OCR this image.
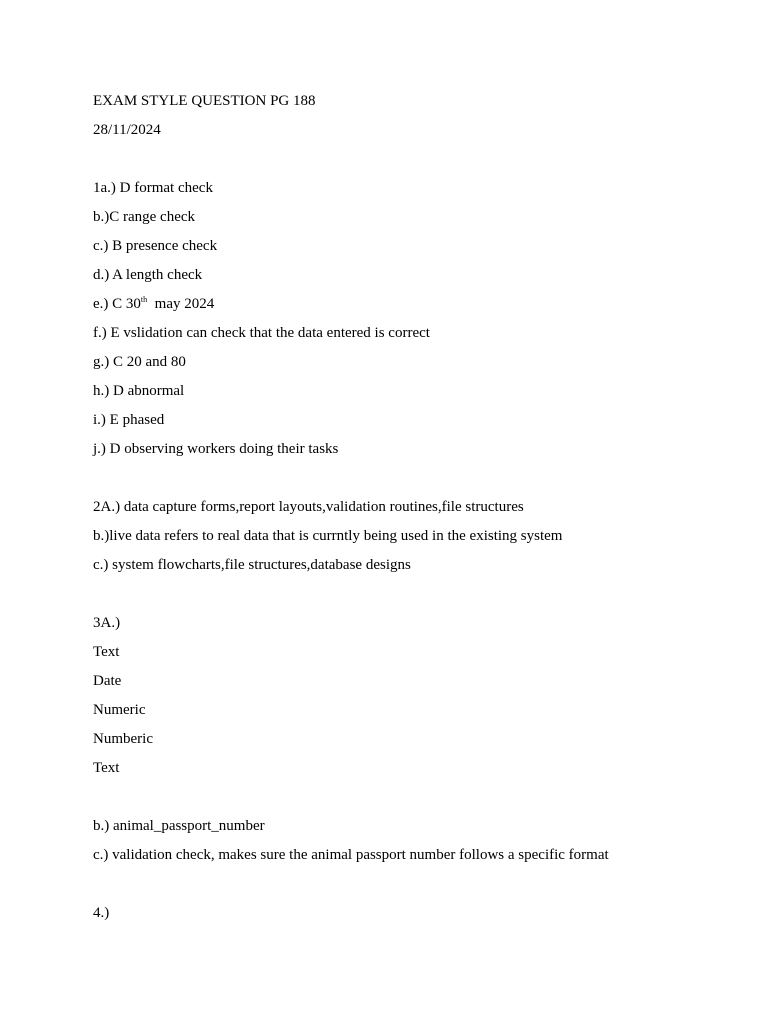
EXAM STYLE QUESTION PG 188
28/11/2024
1a.) D format check
b.)C range check
c.) B presence check
d.) A length check
e.) C 30th  may 2024
f.) E vslidation can check that the data entered is correct
g.) C 20 and 80
h.) D abnormal
i.) E phased
j.) D observing workers doing their tasks
2A.) data capture forms,report layouts,validation routines,file structures
b.)live data refers to real data that is currntly being used in the existing system
c.) system flowcharts,file structures,database designs
3A.)
Text
Date
Numeric
Numberic
Text
b.) animal_passport_number
c.) validation check, makes sure the animal passport number follows a specific format
4.)
